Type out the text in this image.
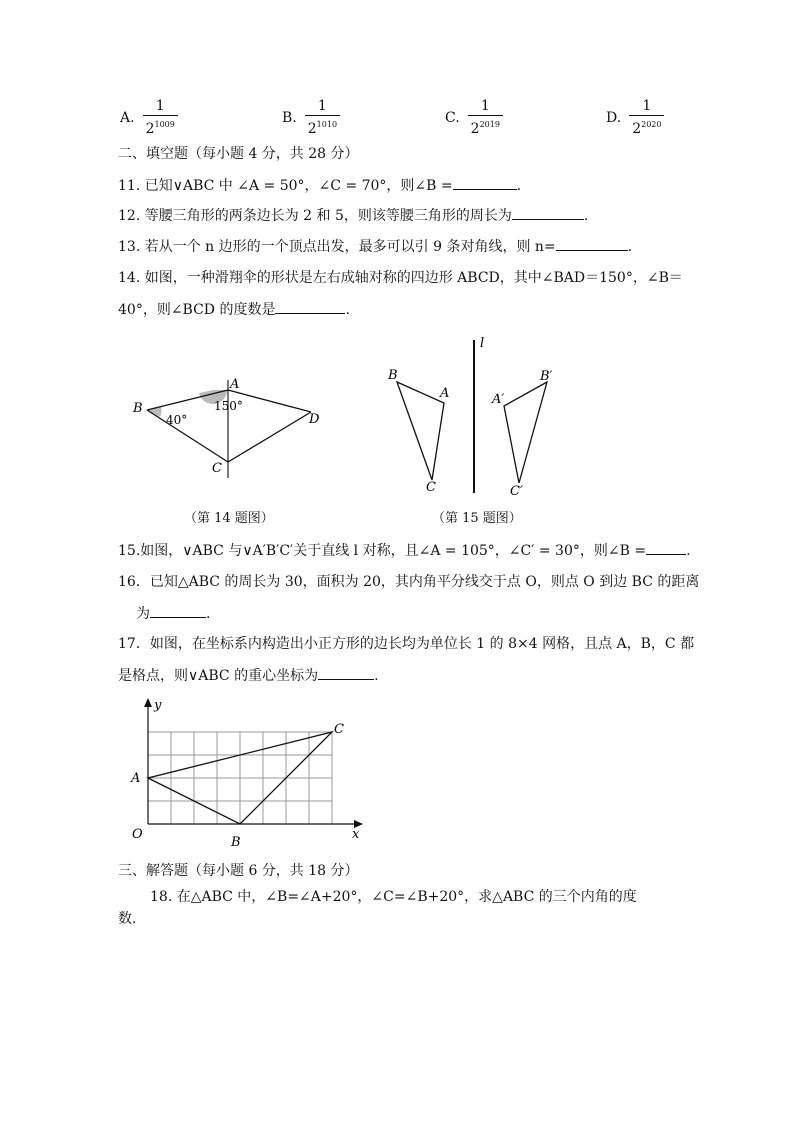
A. $\frac{1}{2^{1009}}$	B. $\frac{1}{2^{1010}}$	C. $\frac{1}{2^{2019}}$	D. $\frac{1}{2^{2020}}$
二、填空题（每小题 4 分，共 28 分）
11. 已知∨ABC 中 ∠A = 50°，∠C = 70°，则∠B =	.
12. 等腰三角形的两条边长为 2 和 5，则该等腰三角形的周长为	.
13. 若从一个 n 边形的一个顶点出发，最多可以引 9 条对角线，则 n=	.
14. 如图，一种滑翔伞的形状是左右成轴对称的四边形 ABCD，其中∠BAD＝150°，∠B＝
40°，则∠BCD 的度数是	.
A
B
C
D
150°
40°
（第 14 题图）
l
B
A
C
B′
A′
C′
（第 15 题图）
15.如图，∨ABC 与∨A′B′C′关于直线 l 对称，且∠A = 105°，∠C′ = 30°，则∠B =	.
16．已知△ABC 的周长为 30，面积为 20，其内角平分线交于点 O，则点 O 到边 BC 的距离
为	.
17．如图，在坐标系内构造出小正方形的边长均为单位长 1 的 8×4 网格，且点 A，B，C 都
是格点，则∨ABC 的重心坐标为	.
y
x
O
A
B
C
三、解答题（每小题 6 分，共 18 分）
18. 在△ABC 中，∠B=∠A+20°，∠C=∠B+20°，求△ABC 的三个内角的度
数.
